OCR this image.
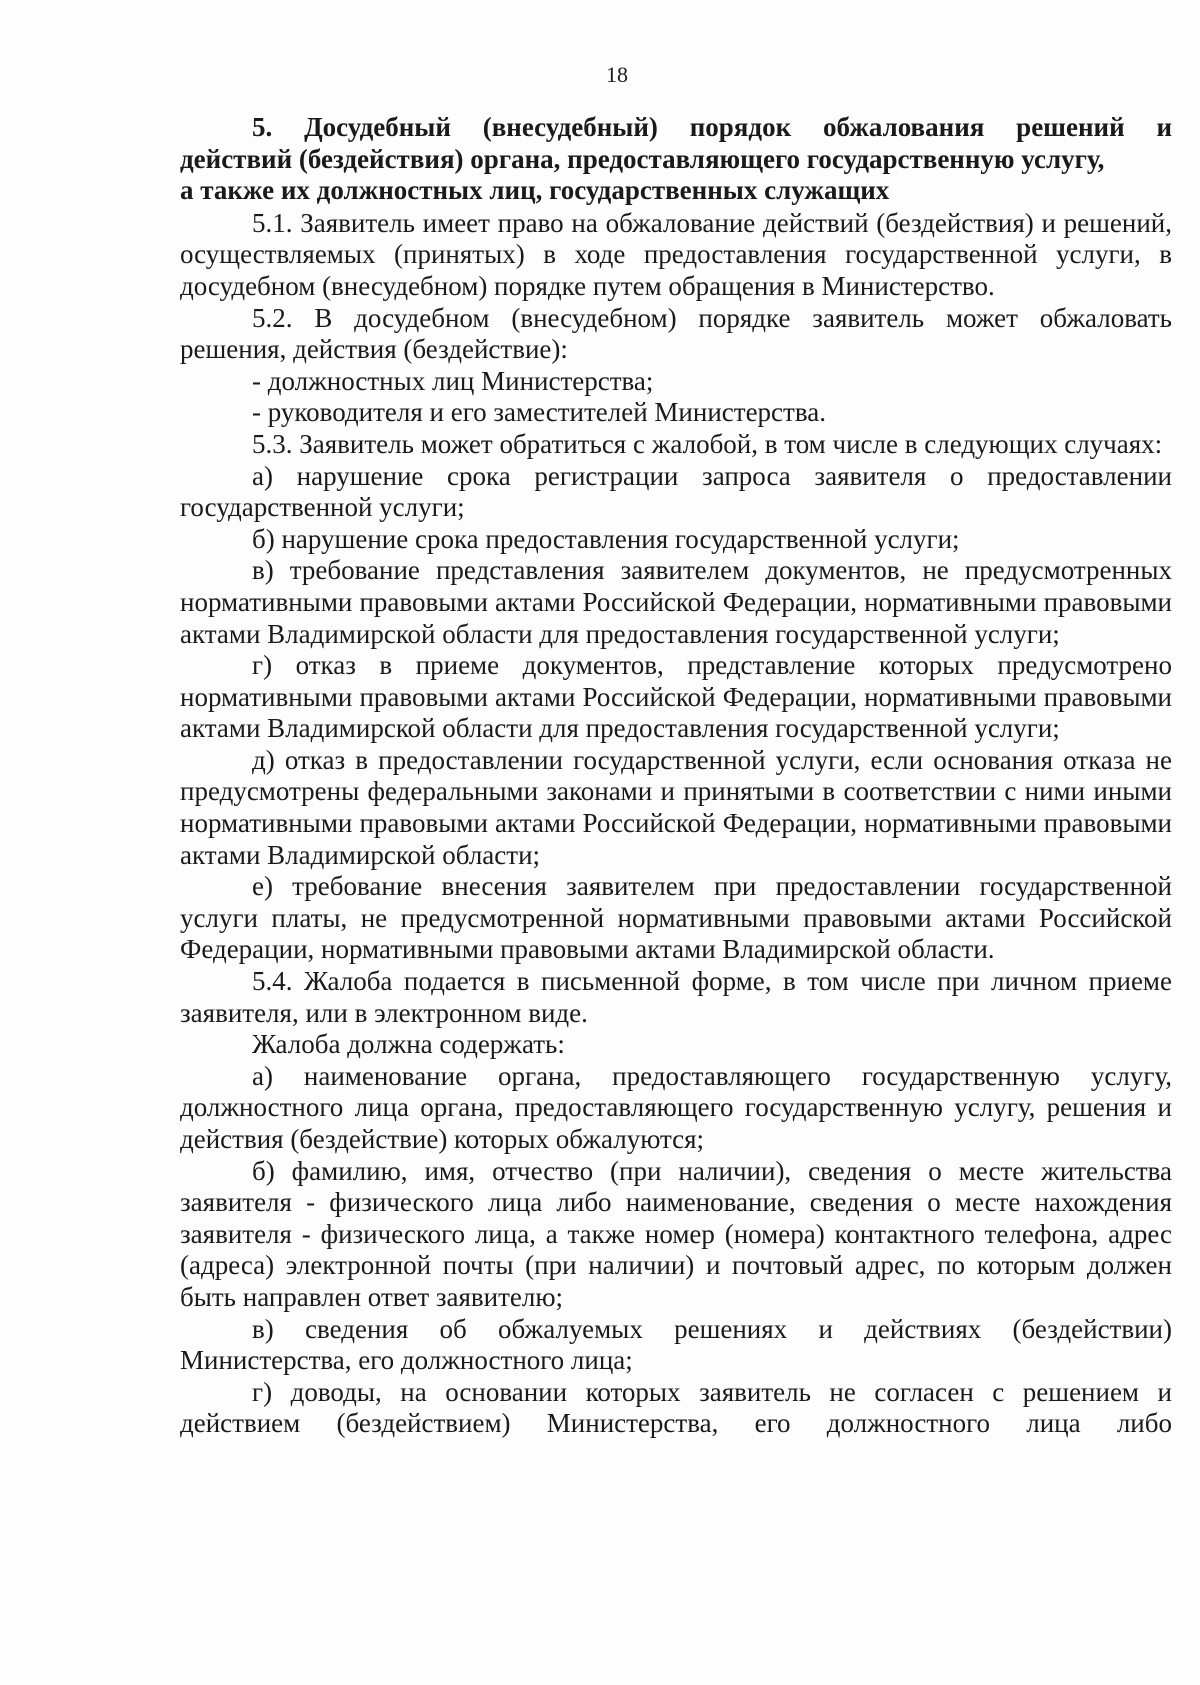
18
5. Досудебный (внесудебный) порядок обжалования решений и
действий (бездействия) органа, предоставляющего государственную услугу,
а также их должностных лиц, государственных служащих

5.1. Заявитель имеет право на обжалование действий (бездействия) и решений, осуществляемых (принятых) в ходе предоставления государственной услуги, в досудебном (внесудебном) порядке путем обращения в Министерство.

5.2. В досудебном (внесудебном) порядке заявитель может обжаловать решения, действия (бездействие):

- должностных лиц Министерства;

- руководителя и его заместителей Министерства.

5.3. Заявитель может обратиться с жалобой, в том числе в следующих случаях:

а) нарушение срока регистрации запроса заявителя о предоставлении государственной услуги;

б) нарушение срока предоставления государственной услуги;

в) требование представления заявителем документов, не предусмотренных нормативными правовыми актами Российской Федерации, нормативными правовыми актами Владимирской области для предоставления государственной услуги;

г) отказ в приеме документов, представление которых предусмотрено нормативными правовыми актами Российской Федерации, нормативными правовыми актами Владимирской области для предоставления государственной услуги;

д) отказ в предоставлении государственной услуги, если основания отказа не предусмотрены федеральными законами и принятыми в соответствии с ними иными нормативными правовыми актами Российской Федерации, нормативными правовыми актами Владимирской области;

е) требование внесения заявителем при предоставлении государственной услуги платы, не предусмотренной нормативными правовыми актами Российской Федерации, нормативными правовыми актами Владимирской области.

5.4. Жалоба подается в письменной форме, в том числе при личном приеме заявителя, или в электронном виде.

Жалоба должна содержать:

а) наименование органа, предоставляющего государственную услугу, должностного лица органа, предоставляющего государственную услугу, решения и действия (бездействие) которых обжалуются;

б) фамилию, имя, отчество (при наличии), сведения о месте жительства заявителя - физического лица либо наименование, сведения о месте нахождения заявителя - физического лица, а также номер (номера) контактного телефона, адрес (адреса) электронной почты (при наличии) и почтовый адрес, по которым должен быть направлен ответ заявителю;

в) сведения об обжалуемых решениях и действиях (бездействии) Министерства, его должностного лица;

г) доводы, на основании которых заявитель не согласен с решением и действием (бездействием) Министерства, его должностного лица либо
